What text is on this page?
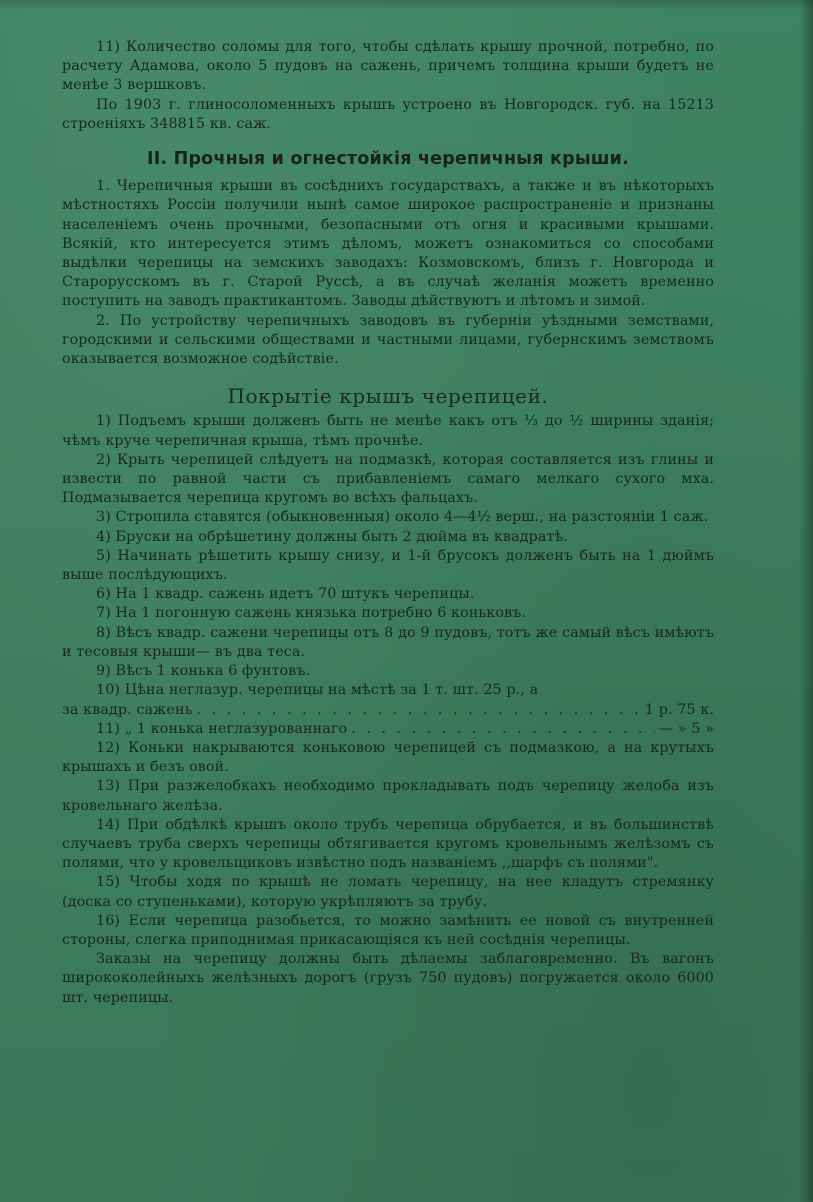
11) Количество соломы для того, чтобы сдѣлать крышу прочной, потребно, по расчету Адамова, около 5 пудовъ на сажень, причемъ толщина крыши будетъ не менѣе 3 вершковъ.

По 1903 г. глиносоломенныхъ крышъ устроено въ Новгородск. губ. на 15213 строеніяхъ 348815 кв. саж.

II. Прочныя и огнестойкія черепичныя крыши.

1. Черепичныя крыши въ сосѣднихъ государствахъ, а также и въ нѣкоторыхъ мѣстностяхъ Россіи получили нынѣ самое широкое распространеніе и признаны населеніемъ очень прочными, безопасными отъ огня и красивыми крышами. Всякій, кто интересуется этимъ дѣломъ, можетъ ознакомиться со способами выдѣлки черепицы на земскихъ заводахъ: Козмовскомъ, близъ г. Новгорода и Старорусскомъ въ г. Старой Руссѣ, а въ случаѣ желанія можетъ временно поступить на заводъ практикантомъ. Заводы дѣйствуютъ и лѣтомъ и зимой.

2. По устройству черепичныхъ заводовъ въ губерніи уѣздными земствами, городскими и сельскими обществами и частными лицами, губернскимъ земствомъ оказывается возможное содѣйствіе.

Покрытіе крышъ черепицей.

1) Подъемъ крыши долженъ быть не менѣе какъ отъ ⅓ до ½ ширины зданія; чѣмъ круче черепичная крыша, тѣмъ прочнѣе.

2) Крыть черепицей слѣдуетъ на подмазкѣ, которая составляется изъ глины и извести по равной части съ прибавленіемъ самаго мелкаго сухого мха. Подмазывается черепица кругомъ во всѣхъ фальцахъ.

3) Стропила ставятся (обыкновенныя) около 4—4½ верш., на разстояніи 1 саж.

4) Бруски на обрѣшетину должны быть 2 дюйма въ квадратѣ.

5) Начинать рѣшетить крышу снизу, и 1-й брусокъ долженъ быть на 1 дюймъ выше послѣдующихъ.

6) На 1 квадр. сажень идетъ 70 штукъ черепицы.

7) На 1 погонную сажень князька потребно 6 коньковъ.

8) Вѣсъ квадр. сажени черепицы отъ 8 до 9 пудовъ, тотъ же самый вѣсъ имѣютъ и тесовыя крыши— въ два теса.

9) Вѣсъ 1 конька 6 фунтовъ.

10) Цѣна неглазур. черепицы на мѣстѣ за 1 т. шт. 25 р., а

за квадр. сажень . . .	1 р. 75 к.
11) „ 1 конька неглазурованнаго . . .	— » 5 »

12) Коньки накрываются коньковою черепицей съ подмазкою, а на крутыхъ крышахъ и безъ овой.

13) При разжелобкахъ необходимо прокладывать подъ черепицу желоба изъ кровельнаго желѣза.

14) При обдѣлкѣ крышъ около трубъ черепица обрубается, и въ большинствѣ случаевъ труба сверхъ черепицы обтягивается кругомъ кровельнымъ желѣзомъ съ полями, что у кровельщиковъ извѣстно подъ названіемъ ,,шарфъ съ полями".

15) Чтобы ходя по крышѣ не ломать черепицу, на нее кладутъ стремянку (доска со ступеньками), которую укрѣпляютъ за трубу.

16) Если черепица разобьется, то можно замѣнить ее новой съ внутренней стороны, слегка приподнимая прикасающіяся къ ней сосѣднія черепицы.

Заказы на черепицу должны быть дѣлаемы заблаговременно. Въ вагонъ ширококолейныхъ желѣзныхъ дорогъ (грузъ 750 пудовъ) погружается около 6000 шт. черепицы.
